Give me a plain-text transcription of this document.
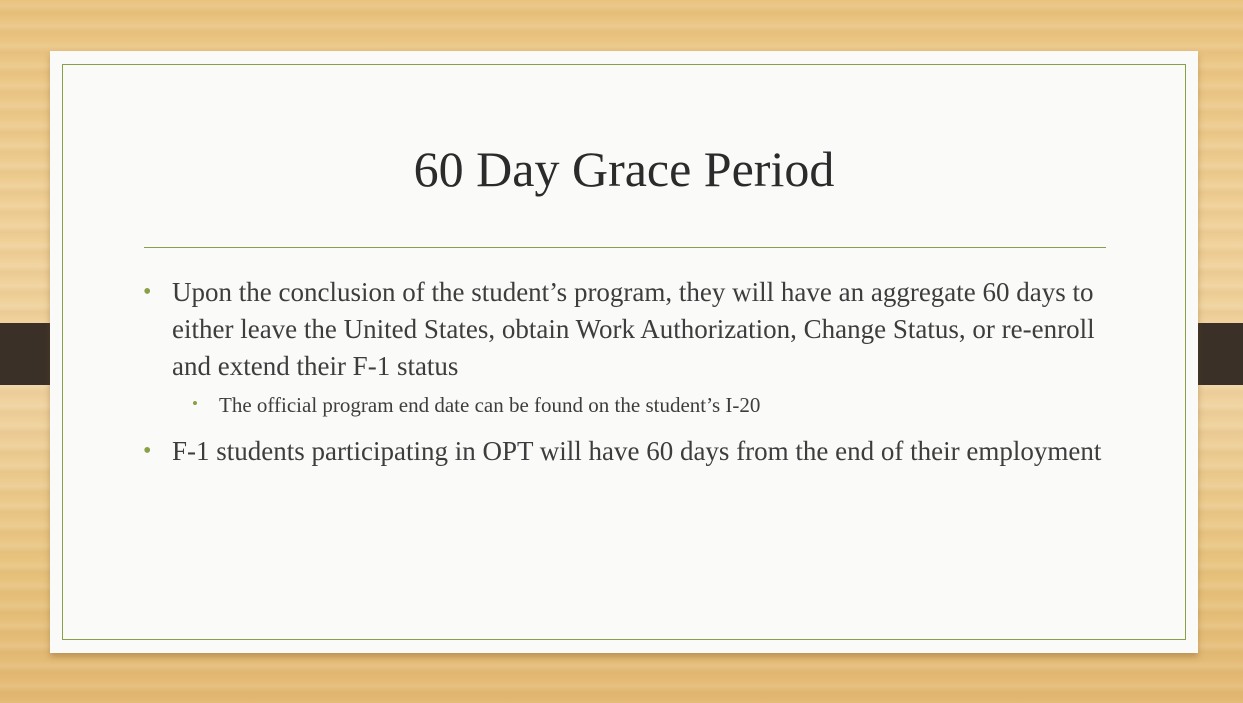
60 Day Grace Period
• Upon the conclusion of the student’s program, they will have an aggregate 60 days to either leave the United States, obtain Work Authorization, Change Status, or re-enroll and extend their F-1 status
• The official program end date can be found on the student’s I-20
• F-1 students participating in OPT will have 60 days from the end of their employment
